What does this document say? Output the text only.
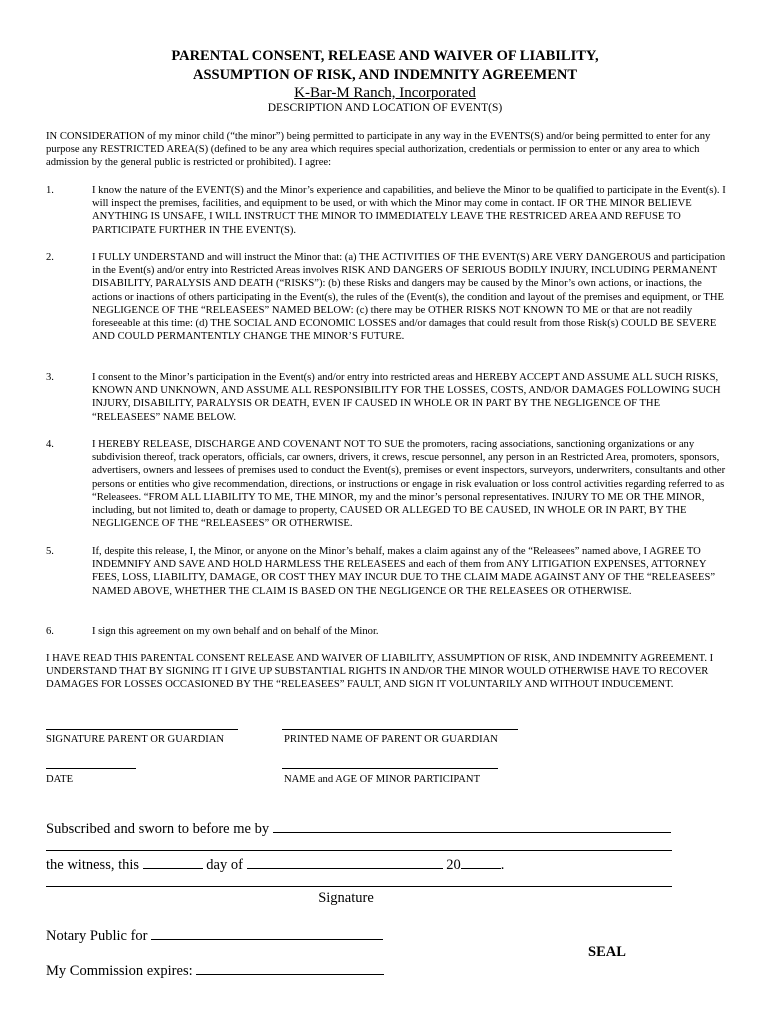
PARENTAL CONSENT, RELEASE AND WAIVER OF LIABILITY,
ASSUMPTION OF RISK, AND INDEMNITY AGREEMENT
K-Bar-M Ranch, Incorporated
DESCRIPTION AND LOCATION OF EVENT(S)
IN CONSIDERATION of my minor child (“the minor”) being permitted to participate in any way in the EVENTS(S) and/or being permitted to enter for any purpose any RESTRICTED AREA(S) (defined to be any area which requires special authorization, credentials or permission to enter or any area to which admission by the general public is restricted or prohibited). I agree:
1.	I know the nature of the EVENT(S) and the Minor’s experience and capabilities, and believe the Minor to be qualified to participate in the Event(s). I will inspect the premises, facilities, and equipment to be used, or with which the Minor may come in contact. IF OR THE MINOR BELIEVE ANYTHING IS UNSAFE, I WILL INSTRUCT THE MINOR TO IMMEDIATELY LEAVE THE RESTRICED AREA AND REFUSE TO PARTICIPATE FURTHER IN THE EVENT(S).
2.	I FULLY UNDERSTAND and will instruct the Minor that: (a) THE ACTIVITIES OF THE EVENT(S) ARE VERY DANGEROUS and participation in the Event(s) and/or entry into Restricted Areas involves RISK AND DANGERS OF SERIOUS BODILY INJURY, INCLUDING PERMANENT DISABILITY, PARALYSIS AND DEATH (“RISKS”): (b) these Risks and dangers may be caused by the Minor’s own actions, or inactions, the actions or inactions of others participating in the Event(s), the rules of the (Event(s), the condition and layout of the premises and equipment, or THE NEGLIGENCE OF THE “RELEASEES” NAMED BELOW: (c) there may be OTHER RISKS NOT KNOWN TO ME or that are not readily foreseeable at this time: (d) THE SOCIAL AND ECONOMIC LOSSES and/or damages that could result from those Risk(s) COULD BE SEVERE AND COULD PERMANTENTLY CHANGE THE MINOR’S FUTURE.
3.	I consent to the Minor’s participation in the Event(s) and/or entry into restricted areas and HEREBY ACCEPT AND ASSUME ALL SUCH RISKS, KNOWN AND UNKNOWN, AND ASSUME ALL RESPONSIBILITY FOR THE LOSSES, COSTS, AND/OR DAMAGES FOLLOWING SUCH INJURY, DISABILITY, PARALYSIS OR DEATH, EVEN IF CAUSED IN WHOLE OR IN PART BY THE NEGLIGENCE OF THE “RELEASEES” NAME BELOW.
4.	I HEREBY RELEASE, DISCHARGE AND COVENANT NOT TO SUE the promoters, racing associations, sanctioning organizations or any subdivision thereof, track operators, officials, car owners, drivers, it crews, rescue personnel, any person in an Restricted Area, promoters, sponsors, advertisers, owners and lessees of premises used to conduct the Event(s), premises or event inspectors, surveyors, underwriters, consultants and other persons or entities who give recommendation, directions, or instructions or engage in risk evaluation or loss control activities regarding referred to as “Releasees. “FROM ALL LIABILITY TO ME, THE MINOR, my and the minor’s personal representatives. INJURY TO ME OR THE MINOR, including, but not limited to, death or damage to property, CAUSED OR ALLEGED TO BE CAUSED, IN WHOLE OR IN PART, BY THE NEGLIGENCE OF THE “RELEASEES” OR OTHERWISE.
5.	If, despite this release, I, the Minor, or anyone on the Minor’s behalf, makes a claim against any of the “Releasees” named above, I AGREE TO INDEMNIFY AND SAVE AND HOLD HARMLESS THE RELEASEES and each of them from ANY LITIGATION EXPENSES, ATTORNEY FEES, LOSS, LIABILITY, DAMAGE, OR COST THEY MAY INCUR DUE TO THE CLAIM MADE AGAINST ANY OF THE “RELEASEES” NAMED ABOVE, WHETHER THE CLAIM IS BASED ON THE NEGLIGENCE OR THE RELEASEES OR OTHERWISE.
6.	I sign this agreement on my own behalf and on behalf of the Minor.
I HAVE READ THIS PARENTAL CONSENT RELEASE AND WAIVER OF LIABILITY, ASSUMPTION OF RISK, AND INDEMNITY AGREEMENT. I UNDERSTAND THAT BY SIGNING IT I GIVE UP SUBSTANTIAL RIGHTS IN AND/OR THE MINOR WOULD OTHERWISE HAVE TO RECOVER DAMAGES FOR LOSSES OCCASIONED BY THE “RELEASEES” FAULT, AND SIGN IT VOLUNTARILY AND WITHOUT INDUCEMENT.
SIGNATURE PARENT OR GUARDIAN	PRINTED NAME OF PARENT OR GUARDIAN
DATE	NAME and AGE OF MINOR PARTICIPANT
Subscribed and sworn to before me by
the witness, this	day of	20	.
Signature
Notary Public for
SEAL
My Commission expires:
